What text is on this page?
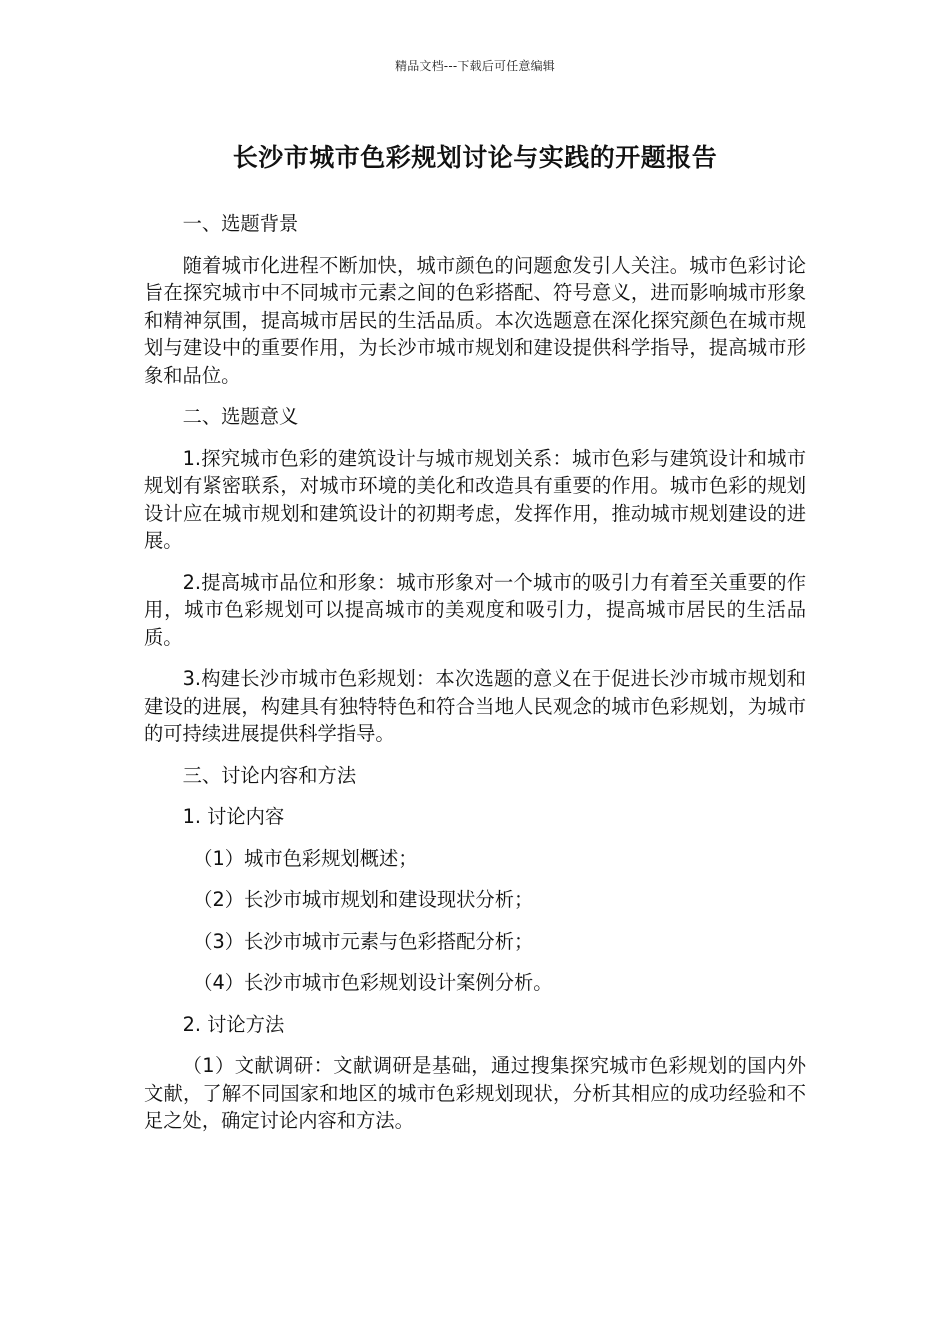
精品文档---下载后可任意编辑
长沙市城市色彩规划讨论与实践的开题报告

一、选题背景

随着城市化进程不断加快，城市颜色的问题愈发引人关注。城市色彩讨论旨在探究城市中不同城市元素之间的色彩搭配、符号意义，进而影响城市形象和精神氛围，提高城市居民的生活品质。本次选题意在深化探究颜色在城市规划与建设中的重要作用，为长沙市城市规划和建设提供科学指导，提高城市形象和品位。

二、选题意义

1.探究城市色彩的建筑设计与城市规划关系：城市色彩与建筑设计和城市规划有紧密联系，对城市环境的美化和改造具有重要的作用。城市色彩的规划设计应在城市规划和建筑设计的初期考虑，发挥作用，推动城市规划建设的进展。

2.提高城市品位和形象：城市形象对一个城市的吸引力有着至关重要的作用，城市色彩规划可以提高城市的美观度和吸引力，提高城市居民的生活品质。

3.构建长沙市城市色彩规划：本次选题的意义在于促进长沙市城市规划和建设的进展，构建具有独特特色和符合当地人民观念的城市色彩规划，为城市的可持续进展提供科学指导。

三、讨论内容和方法

1. 讨论内容

（1）城市色彩规划概述；

（2）长沙市城市规划和建设现状分析；

（3）长沙市城市元素与色彩搭配分析；

（4）长沙市城市色彩规划设计案例分析。

2. 讨论方法

（1）文献调研：文献调研是基础，通过搜集探究城市色彩规划的国内外文献，了解不同国家和地区的城市色彩规划现状，分析其相应的成功经验和不足之处，确定讨论内容和方法。
